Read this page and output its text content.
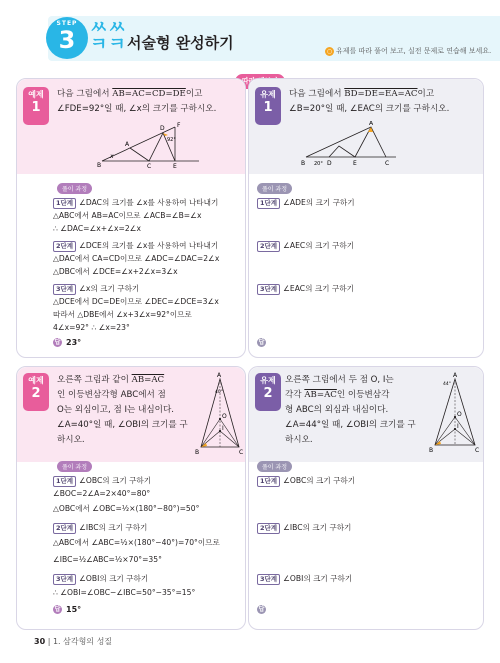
STEP
3 ㅆㅆ
ㅋㅋ 서술형 완성하기	○ 유제를 따라 풀어 보고, 실전 문제로 연습해 보세요.
따라
예제
1
다음 그림에서 AB=AC=CD=DE이고
∠FDE=92°일 때, ∠x의 크기를 구하시오.
B
A
C
D
E
F
x
92°
풀이 과정
1단계 ∠DAC의 크기를 ∠x를 사용하여 나타내기
△ABC에서 AB=AC이므로 ∠ACB=∠B=∠x
∴ ∠DAC=∠x+∠x=2∠x
2단계 ∠DCE의 크기를 ∠x를 사용하여 나타내기
△DAC에서 CA=CD이므로 ∠ADC=∠DAC=2∠x
△DBC에서 ∠DCE=∠x+2∠x=3∠x
3단계 ∠x의 크기 구하기
△DCE에서 DC=DE이므로 ∠DEC=∠DCE=3∠x
따라서 △DBE에서 ∠x+3∠x=92°이므로
4∠x=92° ∴ ∠x=23°
답 23°
유제
1
다음 그림에서 BD=DE=EA=AC이고
∠B=20°일 때, ∠EAC의 크기를 구하시오.
B	D	E	C
A
20°
풀이 과정
1단계 ∠ADE의 크기 구하기
2단계 ∠AEC의 크기 구하기
3단계 ∠EAC의 크기 구하기
답
예제
2
오른쪽 그림과 같이 AB=AC
인 이등변삼각형 ABC에서 점
O는 외심이고, 점 I는 내심이다.
∠A=40°일 때, ∠OBI의 크기를 구
하시오.
A
B	C
O
I
40°
풀이 과정
1단계 ∠OBC의 크기 구하기
∠BOC=2∠A=2×40°=80°
△OBC에서 ∠OBC=½×(180°−80°)=50°
2단계 ∠IBC의 크기 구하기
△ABC에서 ∠ABC=½×(180°−40°)=70°이므로
∠IBC=½∠ABC=½×70°=35°
3단계 ∠OBI의 크기 구하기
∴ ∠OBI=∠OBC−∠IBC=50°−35°=15°
답 15°
유제
2
오른쪽 그림에서 두 점 O, I는
각각 AB=AC인 이등변삼각
형 ABC의 외심과 내심이다.
∠A=44°일 때, ∠OBI의 크기를 구
하시오.
A
B	C
O
I
44°
풀이 과정
1단계 ∠OBC의 크기 구하기
2단계 ∠IBC의 크기 구하기
3단계 ∠OBI의 크기 구하기
답
30 | 1. 삼각형의 성질
